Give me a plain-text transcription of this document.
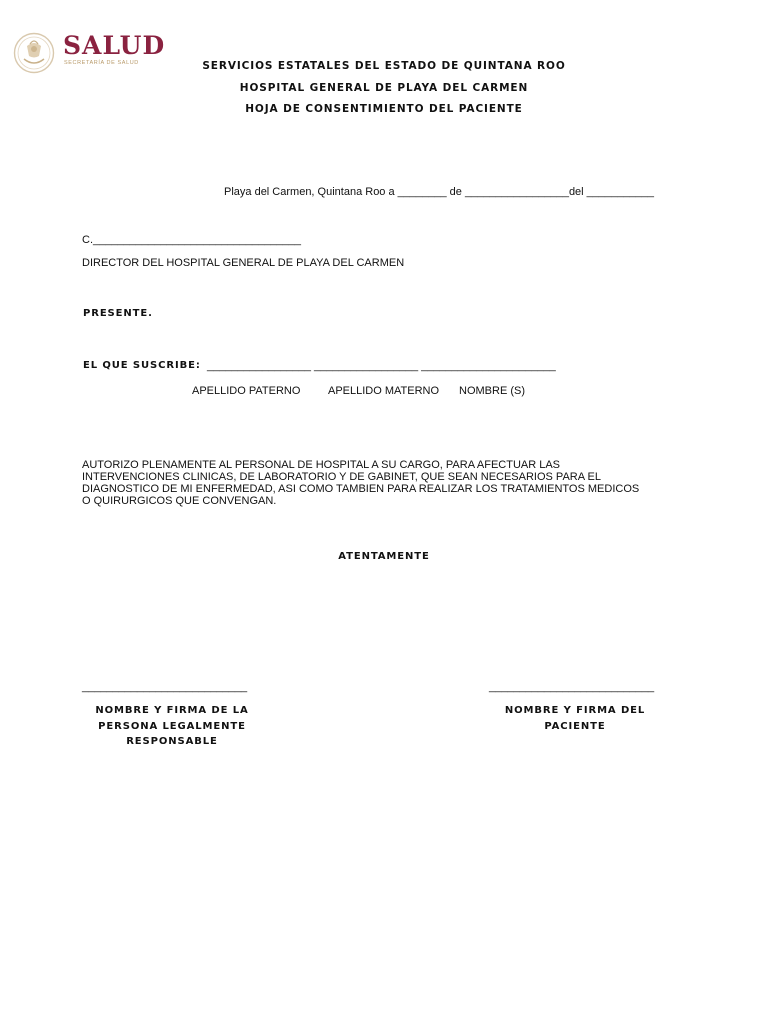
SALUD
SECRETARÍA DE SALUD	SERVICIOS ESTATALES DEL ESTADO DE QUINTANA ROO
HOSPITAL GENERAL DE PLAYA DEL CARMEN
HOJA DE CONSENTIMIENTO DEL PACIENTE
Playa del Carmen, Quintana Roo a ________ de _________________del ___________
C.__________________________________
DIRECTOR DEL HOSPITAL GENERAL DE PLAYA DEL CARMEN
PRESENTE.
EL QUE SUSCRIBE: _________________ _________________ ______________________
APELLIDO PATERNO	APELLIDO MATERNO NOMBRE (S)
AUTORIZO PLENAMENTE AL PERSONAL DE HOSPITAL A SU CARGO, PARA AFECTUAR LAS
INTERVENCIONES CLINICAS, DE LABORATORIO Y DE GABINET, QUE SEAN NECESARIOS PARA EL
DIAGNOSTICO DE MI ENFERMEDAD, ASI COMO TAMBIEN PARA REALIZAR LOS TRATAMIENTOS MEDICOS
O QUIRURGICOS QUE CONVENGAN.
ATENTAMENTE
___________________________	___________________________
NOMBRE Y FIRMA DE LA
PERSONA LEGALMENTE
RESPONSABLE
NOMBRE Y FIRMA DEL
PACIENTE
